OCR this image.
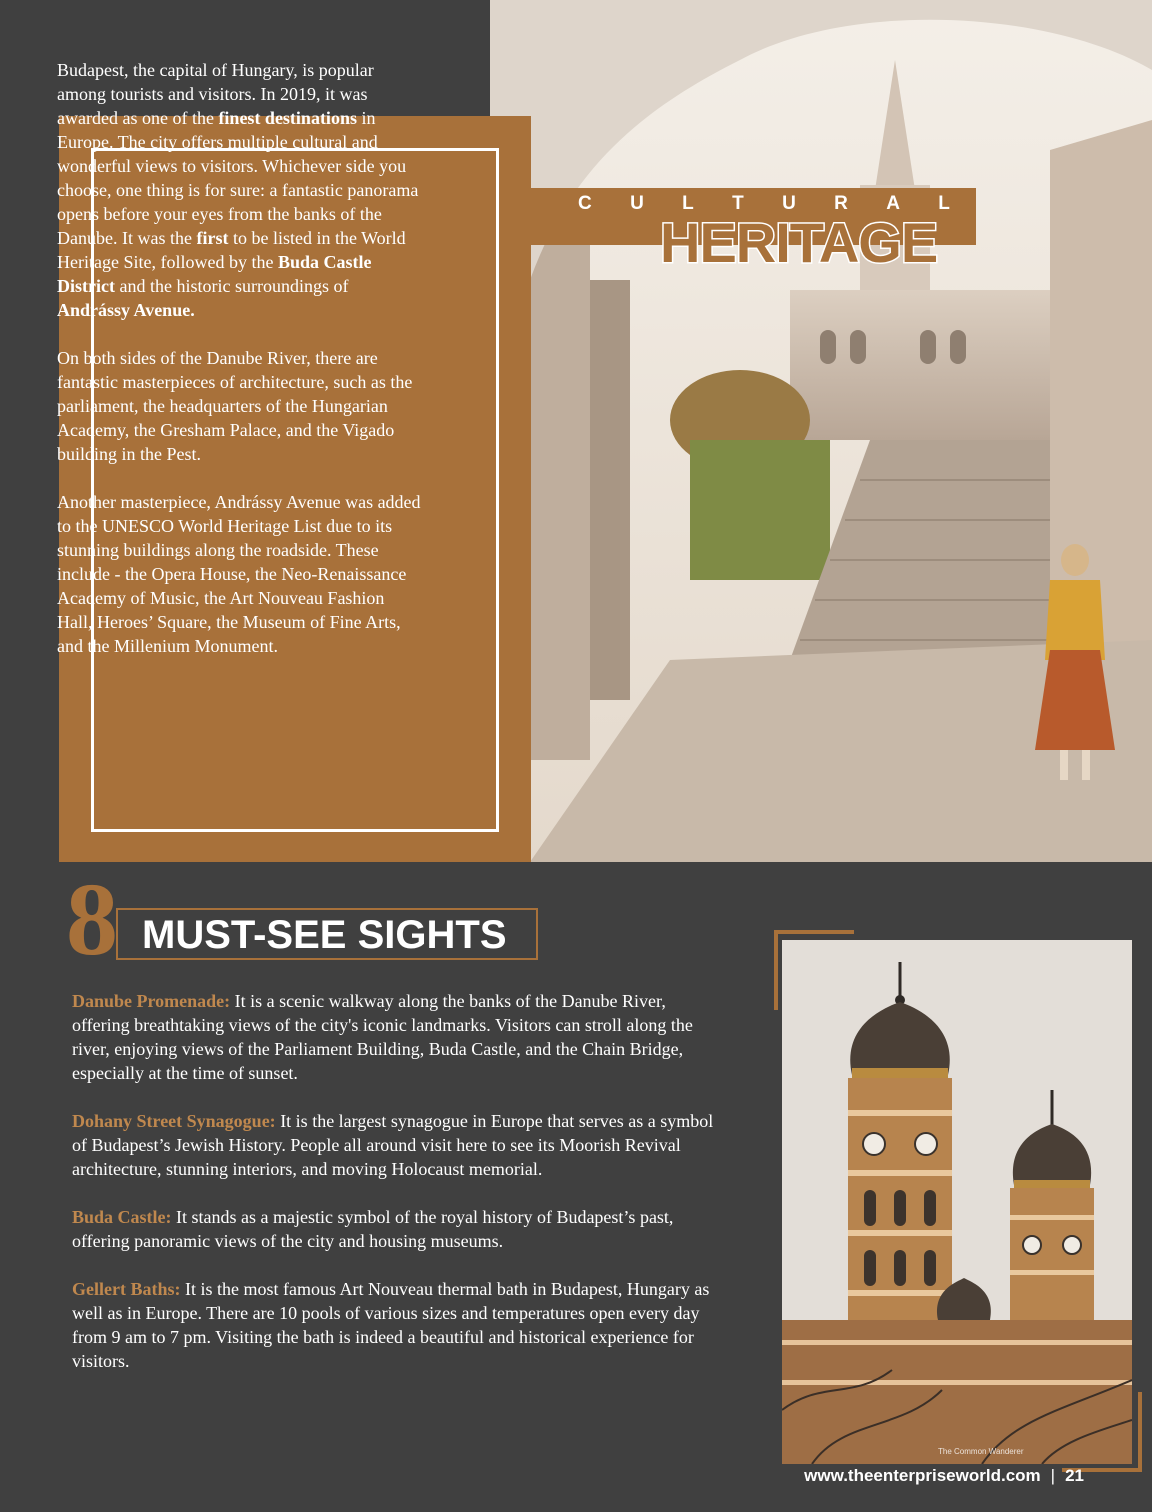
Budapest, the capital of Hungary, is popular among tourists and visitors. In 2019, it was awarded as one of the finest destinations in Europe. The city offers multiple cultural and wonderful views to visitors. Whichever side you choose, one thing is for sure: a fantastic panorama opens before your eyes from the banks of the Danube. It was the first to be listed in the World Heritage Site, followed by the Buda Castle District and the historic surroundings of Andrássy Avenue.

On both sides of the Danube River, there are fantastic masterpieces of architecture, such as the parliament, the headquarters of the Hungarian Academy, the Gresham Palace, and the Vigado building in the Pest.

Another masterpiece, Andrássy Avenue was added to the UNESCO World Heritage List due to its stunning buildings along the roadside. These include - the Opera House, the Neo-Renaissance Academy of Music, the Art Nouveau Fashion Hall, Heroes’ Square, the Museum of Fine Arts, and the Millenium Monument.

C U L T U R A L
HERITAGE
8 MUST-SEE SIGHTS

Danube Promenade: It is a scenic walkway along the banks of the Danube River, offering breathtaking views of the city's iconic landmarks. Visitors can stroll along the river, enjoying views of the Parliament Building, Buda Castle, and the Chain Bridge, especially at the time of sunset.

Dohany Street Synagogue: It is the largest synagogue in Europe that serves as a symbol of Budapest’s Jewish History. People all around visit here to see its Moorish Revival architecture, stunning interiors, and moving Holocaust memorial.

Buda Castle: It stands as a majestic symbol of the royal history of Budapest’s past, offering panoramic views of the city and housing museums.

Gellert Baths: It is the most famous Art Nouveau thermal bath in Budapest, Hungary as well as in Europe. There are 10 pools of various sizes and temperatures open every day from 9 am to 7 pm. Visiting the bath is indeed a beautiful and historical experience for visitors.

The Common Wanderer
www.theenterpriseworld.com | 21
